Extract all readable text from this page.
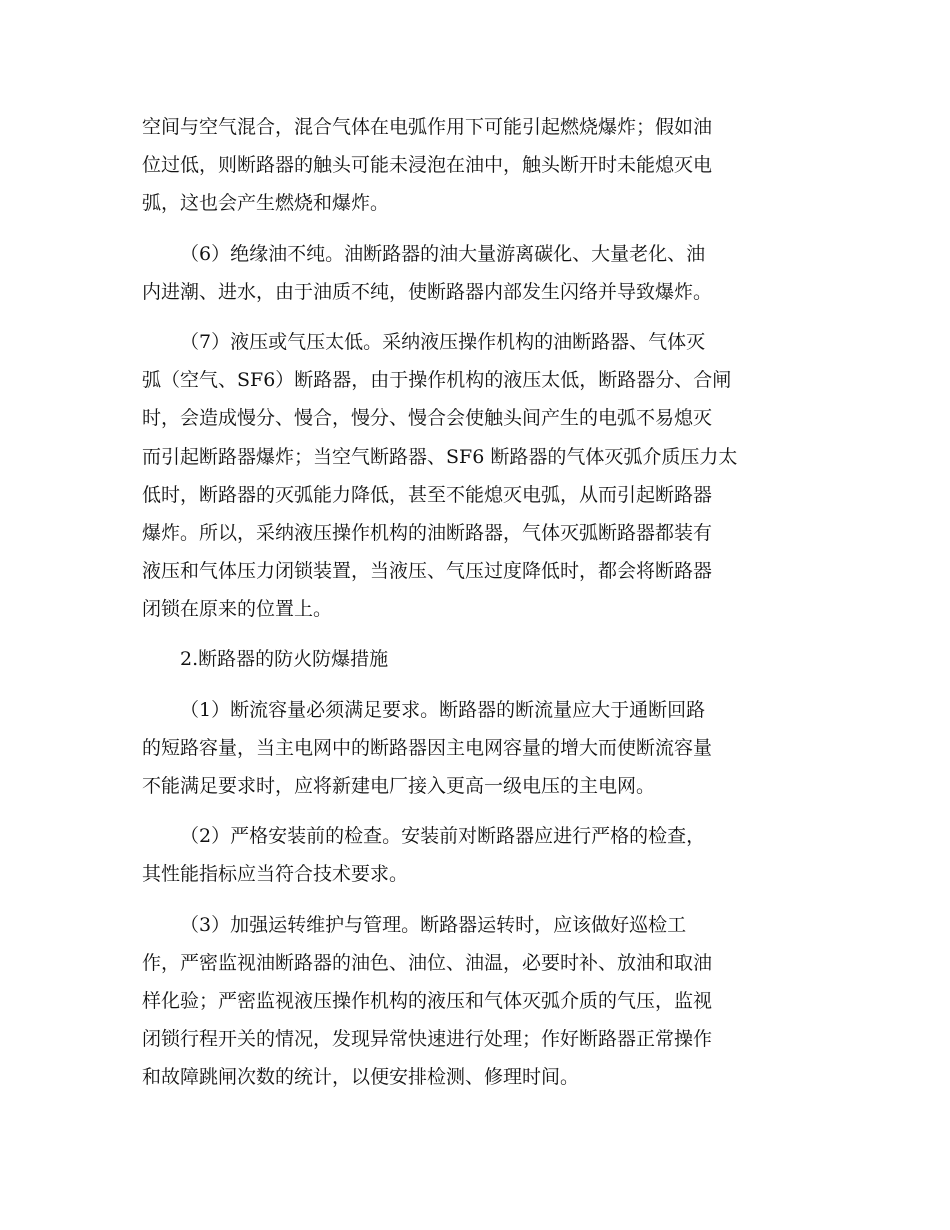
空间与空气混合，混合气体在电弧作用下可能引起燃烧爆炸；假如油
位过低，则断路器的触头可能未浸泡在油中，触头断开时未能熄灭电
弧，这也会产生燃烧和爆炸。
（6）绝缘油不纯。油断路器的油大量游离碳化、大量老化、油
内进潮、进水，由于油质不纯，使断路器内部发生闪络并导致爆炸。
（7）液压或气压太低。采纳液压操作机构的油断路器、气体灭
弧（空气、SF6）断路器，由于操作机构的液压太低，断路器分、合闸
时，会造成慢分、慢合，慢分、慢合会使触头间产生的电弧不易熄灭
而引起断路器爆炸；当空气断路器、SF6 断路器的气体灭弧介质压力太
低时，断路器的灭弧能力降低，甚至不能熄灭电弧，从而引起断路器
爆炸。所以，采纳液压操作机构的油断路器，气体灭弧断路器都装有
液压和气体压力闭锁装置，当液压、气压过度降低时，都会将断路器
闭锁在原来的位置上。
2.断路器的防火防爆措施
（1）断流容量必须满足要求。断路器的断流量应大于通断回路
的短路容量，当主电网中的断路器因主电网容量的增大而使断流容量
不能满足要求时，应将新建电厂接入更高一级电压的主电网。
（2）严格安装前的检查。安装前对断路器应进行严格的检查，
其性能指标应当符合技术要求。
（3）加强运转维护与管理。断路器运转时，应该做好巡检工
作，严密监视油断路器的油色、油位、油温，必要时补、放油和取油
样化验；严密监视液压操作机构的液压和气体灭弧介质的气压，监视
闭锁行程开关的情况，发现异常快速进行处理；作好断路器正常操作
和故障跳闸次数的统计，以便安排检测、修理时间。
